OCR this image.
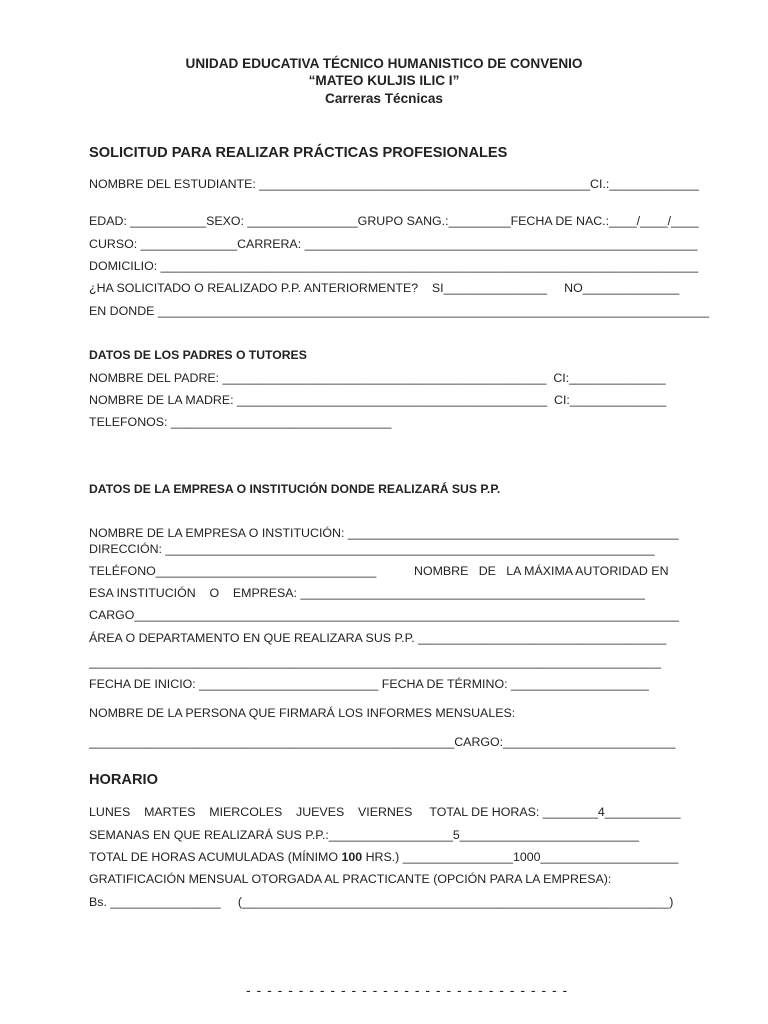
UNIDAD EDUCATIVA TÉCNICO HUMANISTICO DE CONVENIO
“MATEO KULJIS ILIC I”
Carreras Técnicas
SOLICITUD PARA REALIZAR PRÁCTICAS PROFESIONALES
NOMBRE DEL ESTUDIANTE: ________________________________________________CI.:_____________
EDAD: ___________SEXO: ________________GRUPO SANG.:_________FECHA DE NAC.:____/____/____
CURSO: ______________CARRERA: _________________________________________________________
DOMICILIO: ______________________________________________________________________________
¿HA SOLICITADO O REALIZADO P.P. ANTERIORMENTE?    SI_______________     NO______________
EN DONDE ________________________________________________________________________________
DATOS DE LOS PADRES O TUTORES
NOMBRE DEL PADRE: _______________________________________________  CI:______________
NOMBRE DE LA MADRE: _____________________________________________  CI:______________
TELEFONOS: ________________________________
DATOS DE LA EMPRESA O INSTITUCIÓN DONDE REALIZARÁ SUS P.P.
NOMBRE DE LA EMPRESA O INSTITUCIÓN: ________________________________________________
DIRECCIÓN: _______________________________________________________________________
TELÉFONO________________________________	NOMBRE   DE   LA MÁXIMA AUTORIDAD EN
ESA INSTITUCIÓN    O    EMPRESA: __________________________________________________
CARGO_______________________________________________________________________________
ÁREA O DEPARTAMENTO EN QUE REALIZARA SUS P.P. ____________________________________
___________________________________________________________________________________
FECHA DE INICIO: __________________________ FECHA DE TÉRMINO: ____________________
NOMBRE DE LA PERSONA QUE FIRMARÁ LOS INFORMES MENSUALES:
_____________________________________________________CARGO:_________________________
HORARIO
LUNES    MARTES    MIERCOLES    JUEVES    VIERNES     TOTAL DE HORAS: ________4___________
SEMANAS EN QUE REALIZARÁ SUS P.P.:__________________5__________________________
TOTAL DE HORAS ACUMULADAS (MÍNIMO 100 HRS.) ________________1000____________________
GRATIFICACIÓN MENSUAL OTORGADA AL PRACTICANTE (OPCIÓN PARA LA EMPRESA):
Bs. ________________     (______________________________________________________________)
- - - - - - - - - - - - - - - - - - - - - - - - - - - - - - -
